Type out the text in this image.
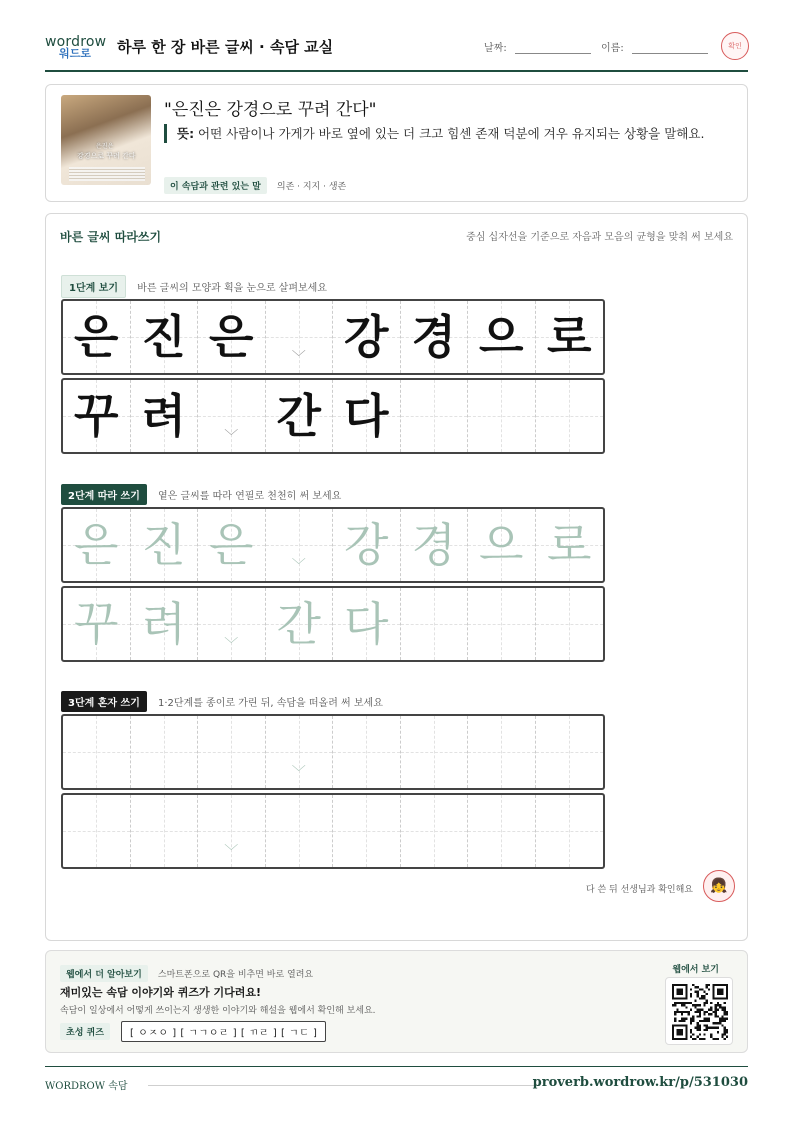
wordrow
워드로 하루 한 장 바른 글씨 · 속담 교실	날짜:	이름:	확인
은진은
강경으로 꾸려 간다
"은진은 강경으로 꾸려 간다"
뜻: 어떤 사람이나 가게가 바로 옆에 있는 더 크고 힘센 존재 덕분에 겨우 유지되는 상황을 말해요.
이 속담과 관련 있는 말 의존 · 지지 · 생존
바른 글씨 따라쓰기	중심 십자선을 기준으로 자음과 모음의 균형을 맞춰 써 보세요
1단계 보기 바른 글씨의 모양과 획을 눈으로 살펴보세요
은 진 은	﹀ 강 경 으 로
꾸 려	﹀ 간 다
2단계 따라 쓰기 옅은 글씨를 따라 연필로 천천히 써 보세요
은 진 은	﹀ 강 경 으 로
꾸 려	﹀ 간 다
3단계 혼자 쓰기 1·2단계를 종이로 가린 뒤, 속담을 떠올려 써 보세요
﹀
﹀
다 쓴 뒤 선생님과 확인해요	👧
웹에서 더 알아보기 스마트폰으로 QR을 비추면 바로 열려요
재미있는 속담 이야기와 퀴즈가 기다려요!
속담이 일상에서 어떻게 쓰이는지 생생한 이야기와 해설을 웹에서 확인해 보세요.
초성 퀴즈	[ ㅇㅈㅇ ] [ ㄱㄱㅇㄹ ] [ ㄲㄹ ] [ ㄱㄷ ]
웹에서 보기
WORDROW 속담	proverb.wordrow.kr/p/531030
